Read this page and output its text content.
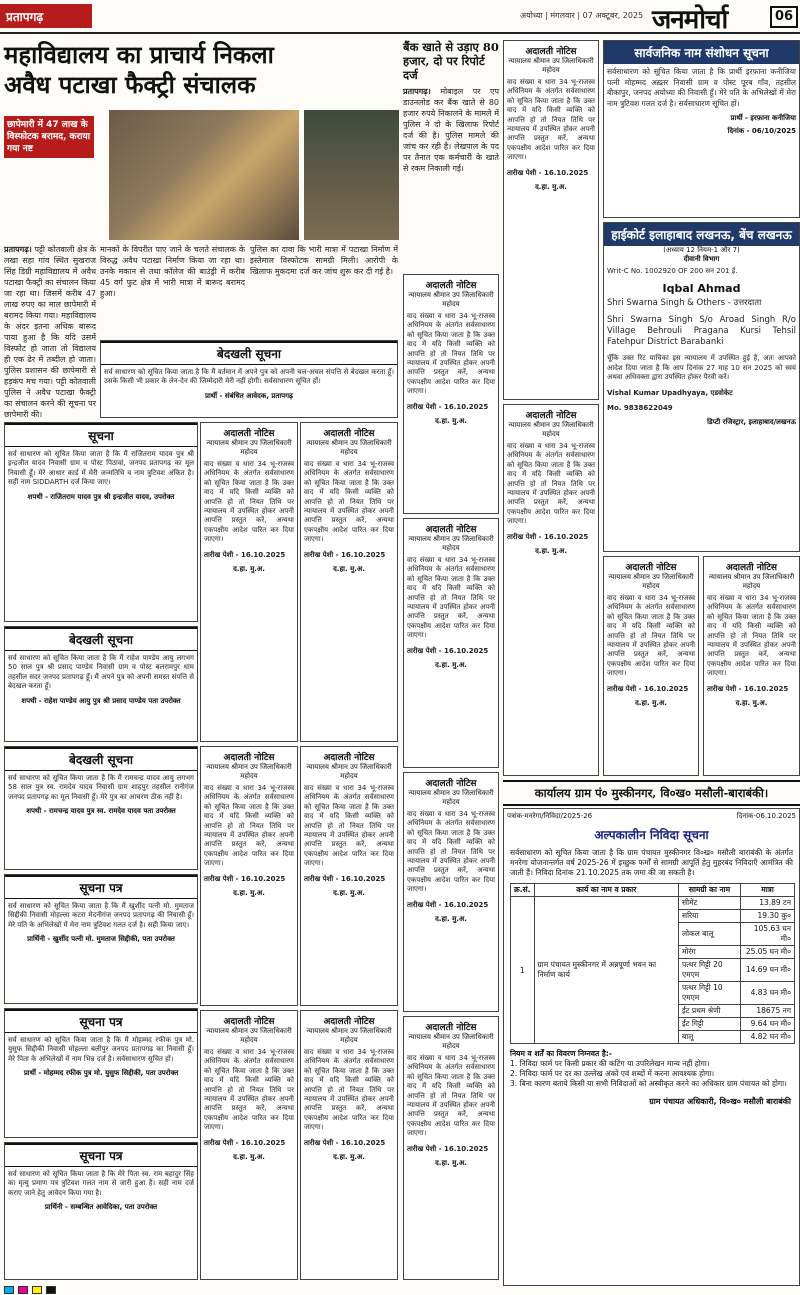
प्रतापगढ़	अयोध्या | मंगलवार | 07 अक्टूबर, 2025 जनमोर्चा	06
महाविद्यालय का प्राचार्य निकला
अवैध पटाखा फैक्ट्री संचालक
छापेमारी में 47 लाख के विस्फोटक बरामद, कराया गया नष्ट
प्रतापगढ़। पट्टी कोतवाली क्षेत्र के लखा सहा गांव स्थित सुखराज सिंह डिग्री महाविद्यालय में अवैध पटाखा फैक्ट्री का संचालन किया जा रहा था। जिसमें करीब 47 लाख रुपए का माल छापेमारी में बरामद किया गया। महाविद्यालय के अंदर इतना अधिक बारूद पाया हुआ है कि यदि उसमें विस्फोट हो जाता तो विद्यालय ही एक ढेर में तब्दील हो जाता। पुलिस प्रशासन की छापेमारी से हड़कंप मच गया। पट्टी कोतवाली पुलिस ने अवैध पटाखा फैक्ट्री का संचालन करने की सूचना पर छापेमारी की।
मानकों के विपरीत पाए जाने के चलते संचालक के विरुद्ध अवैध पटाखा निर्माण किया जा रहा था। उनके मकान से तथा कॉलेज की बाउंड्री में करीब 45 वर्ग फुट क्षेत्र में भारी मात्रा में बारूद बरामद हुआ।
पुलिस का दावा कि भारी मात्रा में पटाखा निर्माण में इस्तेमाल विस्फोटक सामग्री मिली। आरोपी के खिलाफ मुकदमा दर्ज कर जांच शुरू कर दी गई है।
बेदखली सूचना
सर्व साधारण को सूचित किया जाता है कि मैं वर्तमान में अपने पुत्र को अपनी चल-अचल संपत्ति से बेदखल करता हूँ। उसके किसी भी प्रकार के लेन-देन की जिम्मेदारी मेरी नहीं होगी। सर्वसाधारण सूचित हों।
प्रार्थी - संबंधित आवेदक, प्रतापगढ़
सूचना
सर्व साधारण को सूचित किया जाता है कि मैं राजितराम यादव पुत्र श्री इन्द्रजीत यादव निवासी ग्राम व पोस्ट पिठावां, जनपद प्रतापगढ़ का मूल निवासी हूँ। मेरे आधार कार्ड में मेरी जन्मतिथि व नाम त्रुटिवश अंकित है। सही नाम SIDDARTH दर्ज किया जाए।
शपथी - राजितराम यादव पुत्र श्री इन्द्रजीत यादव, उपरोक्त
बेदखली सूचना
सर्व साधारण को सूचित किया जाता है कि मैं राहेश पाण्डेय आयु लगभग 50 साल पुत्र श्री प्रसाद पाण्डेय निवासी ग्राम व पोस्ट बलरामपुर धाम तहसील सदर जनपद प्रतापगढ़ हूँ। मैं अपने पुत्र को अपनी समस्त संपत्ति से बेदखल करता हूँ।
शपथी - राहेश पाण्डेय आयु पुत्र श्री प्रसाद पाण्डेय पता उपरोक्त
बेदखली सूचना
सर्व साधारण को सूचित किया जाता है कि मैं रामचन्द्र यादव आयु लगभग 58 साल पुत्र स्व. रामदेव यादव निवासी ग्राम शाहपुर तहसील रानीगंज जनपद प्रतापगढ़ का मूल निवासी हूँ। मेरे पुत्र का आचरण ठीक नहीं है।
शपथी - रामचन्द्र यादव पुत्र स्व. रामदेव यादव पता उपरोक्त
सूचना पत्र
सर्व साधारण को सूचित किया जाता है कि मैं खुर्शीद पत्नी मो. मुमताज सिद्दीकी निवासी मोहल्ला कटरा मेदनीगंज जनपद प्रतापगढ़ की निवासी हूँ। मेरे पति के अभिलेखों में मेरा नाम त्रुटिवश गलत दर्ज है। सही किया जाए।
प्रार्थिनी - खुर्शीद पत्नी मो. मुमताज सिद्दीकी, पता उपरोक्त
सूचना पत्र
सर्व साधारण को सूचित किया जाता है कि मैं मोहम्मद रफीक पुत्र मो. युसुफ सिद्दीकी निवासी मोहल्ला बलीपुर जनपद प्रतापगढ़ का निवासी हूँ। मेरे पिता के अभिलेखों में नाम भिन्न दर्ज है। सर्वसाधारण सूचित हों।
प्रार्थी - मोहम्मद रफीक पुत्र मो. युसुफ सिद्दीकी, पता उपरोक्त
सूचना पत्र
सर्व साधारण को सूचित किया जाता है कि मेरे पिता स्व. राम बहादुर सिंह का मृत्यु प्रमाण पत्र त्रुटिवश गलत नाम से जारी हुआ है। सही नाम दर्ज कराए जाने हेतु आवेदन किया गया है।
प्रार्थिनी - सम्बन्धित आवेदिका, पता उपरोक्त
बैंक खाते से उड़ाए 80 हजार, दो पर रिपोर्ट दर्ज
प्रतापगढ़। मोबाइल पर एप डाउनलोड कर बैंक खाते से 80 हजार रुपये निकालने के मामले में पुलिस ने दो के खिलाफ रिपोर्ट दर्ज की है। पुलिस मामले की जांच कर रही है। लेखपाल के पद पर तैनात एक कर्मचारी के खाते से रकम निकाली गई।
अदालती नोटिस
न्यायालय श्रीमान उप जिलाधिकारी महोदय
वाद संख्या व धारा 34 भू-राजस्व अधिनियम के अंतर्गत सर्वसाधारण को सूचित किया जाता है कि उक्त वाद में यदि किसी व्यक्ति को आपत्ति हो तो नियत तिथि पर न्यायालय में उपस्थित होकर अपनी आपत्ति प्रस्तुत करें, अन्यथा एकपक्षीय आदेश पारित कर दिया जाएगा।
तारीख पेशी - 16.10.2025
द.हा. मु.अ.
अदालती नोटिस
न्यायालय श्रीमान उप जिलाधिकारी महोदय
वाद संख्या व धारा 34 भू-राजस्व अधिनियम के अंतर्गत सर्वसाधारण को सूचित किया जाता है कि उक्त वाद में यदि किसी व्यक्ति को आपत्ति हो तो नियत तिथि पर न्यायालय में उपस्थित होकर अपनी आपत्ति प्रस्तुत करें, अन्यथा एकपक्षीय आदेश पारित कर दिया जाएगा।
तारीख पेशी - 16.10.2025
द.हा. मु.अ.
अदालती नोटिस
न्यायालय श्रीमान उप जिलाधिकारी महोदय
वाद संख्या व धारा 34 भू-राजस्व अधिनियम के अंतर्गत सर्वसाधारण को सूचित किया जाता है कि उक्त वाद में यदि किसी व्यक्ति को आपत्ति हो तो नियत तिथि पर न्यायालय में उपस्थित होकर अपनी आपत्ति प्रस्तुत करें, अन्यथा एकपक्षीय आदेश पारित कर दिया जाएगा।
तारीख पेशी - 16.10.2025
द.हा. मु.अ.
अदालती नोटिस
न्यायालय श्रीमान उप जिलाधिकारी महोदय
वाद संख्या व धारा 34 भू-राजस्व अधिनियम के अंतर्गत सर्वसाधारण को सूचित किया जाता है कि उक्त वाद में यदि किसी व्यक्ति को आपत्ति हो तो नियत तिथि पर न्यायालय में उपस्थित होकर अपनी आपत्ति प्रस्तुत करें, अन्यथा एकपक्षीय आदेश पारित कर दिया जाएगा।
तारीख पेशी - 16.10.2025
द.हा. मु.अ.
अदालती नोटिस
न्यायालय श्रीमान उप जिलाधिकारी महोदय
वाद संख्या व धारा 34 भू-राजस्व अधिनियम के अंतर्गत सर्वसाधारण को सूचित किया जाता है कि उक्त वाद में यदि किसी व्यक्ति को आपत्ति हो तो नियत तिथि पर न्यायालय में उपस्थित होकर अपनी आपत्ति प्रस्तुत करें, अन्यथा एकपक्षीय आदेश पारित कर दिया जाएगा।
तारीख पेशी - 16.10.2025
द.हा. मु.अ.
अदालती नोटिस
न्यायालय श्रीमान उप जिलाधिकारी महोदय
वाद संख्या व धारा 34 भू-राजस्व अधिनियम के अंतर्गत सर्वसाधारण को सूचित किया जाता है कि उक्त वाद में यदि किसी व्यक्ति को आपत्ति हो तो नियत तिथि पर न्यायालय में उपस्थित होकर अपनी आपत्ति प्रस्तुत करें, अन्यथा एकपक्षीय आदेश पारित कर दिया जाएगा।
तारीख पेशी - 16.10.2025
द.हा. मु.अ.
अदालती नोटिस
न्यायालय श्रीमान उप जिलाधिकारी महोदय
वाद संख्या व धारा 34 भू-राजस्व अधिनियम के अंतर्गत सर्वसाधारण को सूचित किया जाता है कि उक्त वाद में यदि किसी व्यक्ति को आपत्ति हो तो नियत तिथि पर न्यायालय में उपस्थित होकर अपनी आपत्ति प्रस्तुत करें, अन्यथा एकपक्षीय आदेश पारित कर दिया जाएगा।
तारीख पेशी - 16.10.2025
द.हा. मु.अ.
अदालती नोटिस
न्यायालय श्रीमान उप जिलाधिकारी महोदय
वाद संख्या व धारा 34 भू-राजस्व अधिनियम के अंतर्गत सर्वसाधारण को सूचित किया जाता है कि उक्त वाद में यदि किसी व्यक्ति को आपत्ति हो तो नियत तिथि पर न्यायालय में उपस्थित होकर अपनी आपत्ति प्रस्तुत करें, अन्यथा एकपक्षीय आदेश पारित कर दिया जाएगा।
तारीख पेशी - 16.10.2025
द.हा. मु.अ.
अदालती नोटिस
न्यायालय श्रीमान उप जिलाधिकारी महोदय
वाद संख्या व धारा 34 भू-राजस्व अधिनियम के अंतर्गत सर्वसाधारण को सूचित किया जाता है कि उक्त वाद में यदि किसी व्यक्ति को आपत्ति हो तो नियत तिथि पर न्यायालय में उपस्थित होकर अपनी आपत्ति प्रस्तुत करें, अन्यथा एकपक्षीय आदेश पारित कर दिया जाएगा।
तारीख पेशी - 16.10.2025
द.हा. मु.अ.
अदालती नोटिस
न्यायालय श्रीमान उप जिलाधिकारी महोदय
वाद संख्या व धारा 34 भू-राजस्व अधिनियम के अंतर्गत सर्वसाधारण को सूचित किया जाता है कि उक्त वाद में यदि किसी व्यक्ति को आपत्ति हो तो नियत तिथि पर न्यायालय में उपस्थित होकर अपनी आपत्ति प्रस्तुत करें, अन्यथा एकपक्षीय आदेश पारित कर दिया जाएगा।
तारीख पेशी - 16.10.2025
द.हा. मु.अ.
अदालती नोटिस
न्यायालय श्रीमान उप जिलाधिकारी महोदय
वाद संख्या व धारा 34 भू-राजस्व अधिनियम के अंतर्गत सर्वसाधारण को सूचित किया जाता है कि उक्त वाद में यदि किसी व्यक्ति को आपत्ति हो तो नियत तिथि पर न्यायालय में उपस्थित होकर अपनी आपत्ति प्रस्तुत करें, अन्यथा एकपक्षीय आदेश पारित कर दिया जाएगा।
तारीख पेशी - 16.10.2025
द.हा. मु.अ.
अदालती नोटिस
न्यायालय श्रीमान उप जिलाधिकारी महोदय
वाद संख्या व धारा 34 भू-राजस्व अधिनियम के अंतर्गत सर्वसाधारण को सूचित किया जाता है कि उक्त वाद में यदि किसी व्यक्ति को आपत्ति हो तो नियत तिथि पर न्यायालय में उपस्थित होकर अपनी आपत्ति प्रस्तुत करें, अन्यथा एकपक्षीय आदेश पारित कर दिया जाएगा।
तारीख पेशी - 16.10.2025
द.हा. मु.अ.
अदालती नोटिस
न्यायालय श्रीमान उप जिलाधिकारी महोदय
वाद संख्या व धारा 34 भू-राजस्व अधिनियम के अंतर्गत सर्वसाधारण को सूचित किया जाता है कि उक्त वाद में यदि किसी व्यक्ति को आपत्ति हो तो नियत तिथि पर न्यायालय में उपस्थित होकर अपनी आपत्ति प्रस्तुत करें, अन्यथा एकपक्षीय आदेश पारित कर दिया जाएगा।
तारीख पेशी - 16.10.2025
द.हा. मु.अ.
अदालती नोटिस
न्यायालय श्रीमान उप जिलाधिकारी महोदय
वाद संख्या व धारा 34 भू-राजस्व अधिनियम के अंतर्गत सर्वसाधारण को सूचित किया जाता है कि उक्त वाद में यदि किसी व्यक्ति को आपत्ति हो तो नियत तिथि पर न्यायालय में उपस्थित होकर अपनी आपत्ति प्रस्तुत करें, अन्यथा एकपक्षीय आदेश पारित कर दिया जाएगा।
तारीख पेशी - 16.10.2025
द.हा. मु.अ.
सार्वजनिक नाम संशोधन सूचना
सर्वसाधारण को सूचित किया जाता है कि प्रार्थी इरफ़ाना कनीजिया पत्नी मोहम्मद अख़्तर निवासी ग्राम व पोस्ट पूरब गाँव, तहसील बीकापुर, जनपद अयोध्या की निवासी हूँ। मेरे पति के अभिलेखों में मेरा नाम त्रुटिवश गलत दर्ज है। सर्वसाधारण सूचित हों।
प्रार्थी - इरफ़ाना कनीजिया
दिनांक - 06/10/2025
हाईकोर्ट इलाहाबाद लखनऊ, बेंच लखनऊ
(अध्याय 12 नियम-1 और 7)
दीवानी विभाग
Writ-C No. 1002920 OF 200 सन 201 ई.
Iqbal Ahmad
Shri Swarna Singh & Others - उत्तरदाता
Shri Swarna Singh S/o Aroad Singh R/o Village Behrouli Pragana Kursi Tehsil Fatehpur District Barabanki
चूँकि उक्त रिट याचिका इस न्यायालय में उपस्थित हुई है, अतः आपको आदेश दिया जाता है कि आप दिनांक 27 माह 10 सन 2025 को स्वयं अथवा अधिवक्ता द्वारा उपस्थित होकर पैरवी करें।
Vishal Kumar Upadhyaya, एडवोकेट
Mo. 9838622049
डिप्टी रजिस्ट्रार, इलाहाबाद/लखनऊ
कार्यालय ग्राम पं० मुस्कीनगर, वि०ख० मसौली-बाराबंकी।
पत्रांक-मनरेगा/निविदा/2025-26	दिनांक-06.10.2025
अल्पकालीन निविदा सूचना
सर्वसाधारण को सूचित किया जाता है कि ग्राम पंचायत मुस्कीनगर वि०ख० मसौली बाराबंकी के अंतर्गत मनरेगा योजनान्तर्गत वर्ष 2025-26 में इच्छुक फर्मों से सामग्री आपूर्ति हेतु मुहरबंद निविदाएँ आमंत्रित की जाती हैं। निविदा दिनांक 21.10.2025 तक जमा की जा सकती है।
क्र.सं.	कार्य का नाम व प्रकार	सामग्री का नाम	मात्रा
1	ग्राम पंचायत मुस्कीनगर में अन्नपूर्णा भवन का निर्माण कार्य	सीमेंट	13.89 टन
		सरिया	19.30 कु०
		लोकल बालू	105.63 घन मी०
		मोरंग	25.05 घन मी०
		पत्थर गिट्टी 20 एमएम	14.69 घन मी०
		पत्थर गिट्टी 10 एमएम	4.83 घन मी०
		ईंट प्रथम श्रेणी	18675 नग
		ईंट गिट्टी	9.64 घन मी०
		बालू	4.82 घन मी०
नियम व शर्तें का विवरण निम्नवत है:-
1. निविदा फार्म पर किसी प्रकार की कटिंग या उपरिलेखन मान्य नहीं होगा।
2. निविदा फार्म पर दर का उल्लेख अंकों एवं शब्दों में करना आवश्यक होगा।
3. बिना कारण बताये किसी या सभी निविदाओं को अस्वीकृत करने का अधिकार ग्राम पंचायत को होगा।
ग्राम पंचायत अधिकारी, वि०ख० मसौली बाराबंकी
